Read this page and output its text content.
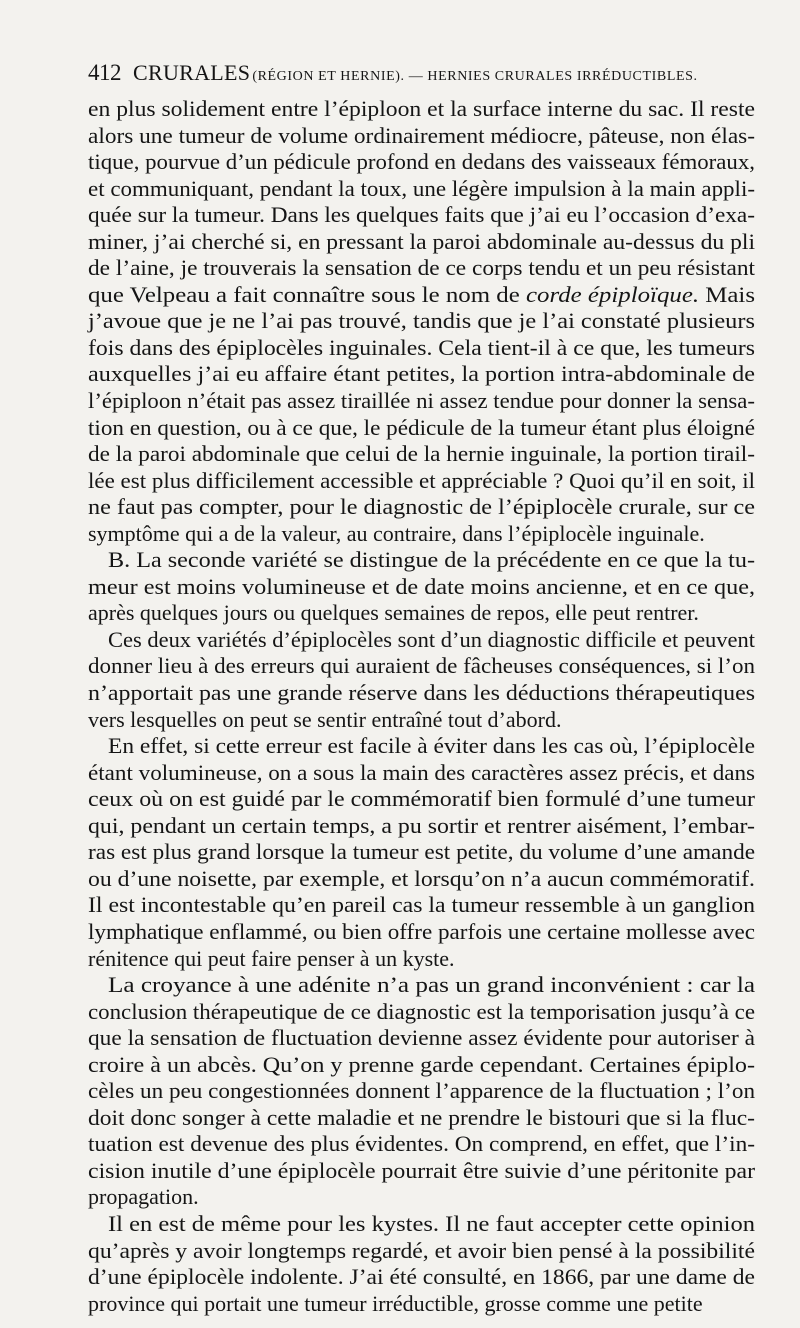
412 CRURALES (RÉGION ET HERNIE). — HERNIES CRURALES IRRÉDUCTIBLES.
en plus solidement entre l’épiploon et la surface interne du sac. Il reste
alors une tumeur de volume ordinairement médiocre, pâteuse, non élas-
tique, pourvue d’un pédicule profond en dedans des vaisseaux fémoraux,
et communiquant, pendant la toux, une légère impulsion à la main appli-
quée sur la tumeur. Dans les quelques faits que j’ai eu l’occasion d’exa-
miner, j’ai cherché si, en pressant la paroi abdominale au-dessus du pli
de l’aine, je trouverais la sensation de ce corps tendu et un peu résistant
que Velpeau a fait connaître sous le nom de corde épiploïque. Mais
j’avoue que je ne l’ai pas trouvé, tandis que je l’ai constaté plusieurs
fois dans des épiplocèles inguinales. Cela tient-il à ce que, les tumeurs
auxquelles j’ai eu affaire étant petites, la portion intra-abdominale de
l’épiploon n’était pas assez tiraillée ni assez tendue pour donner la sensa-
tion en question, ou à ce que, le pédicule de la tumeur étant plus éloigné
de la paroi abdominale que celui de la hernie inguinale, la portion tirail-
lée est plus difficilement accessible et appréciable ? Quoi qu’il en soit, il
ne faut pas compter, pour le diagnostic de l’épiplocèle crurale, sur ce
symptôme qui a de la valeur, au contraire, dans l’épiplocèle inguinale.
B. La seconde variété se distingue de la précédente en ce que la tu-
meur est moins volumineuse et de date moins ancienne, et en ce que,
après quelques jours ou quelques semaines de repos, elle peut rentrer.
Ces deux variétés d’épiplocèles sont d’un diagnostic difficile et peuvent
donner lieu à des erreurs qui auraient de fâcheuses conséquences, si l’on
n’apportait pas une grande réserve dans les déductions thérapeutiques
vers lesquelles on peut se sentir entraîné tout d’abord.
En effet, si cette erreur est facile à éviter dans les cas où, l’épiplocèle
étant volumineuse, on a sous la main des caractères assez précis, et dans
ceux où on est guidé par le commémoratif bien formulé d’une tumeur
qui, pendant un certain temps, a pu sortir et rentrer aisément, l’embar-
ras est plus grand lorsque la tumeur est petite, du volume d’une amande
ou d’une noisette, par exemple, et lorsqu’on n’a aucun commémoratif.
Il est incontestable qu’en pareil cas la tumeur ressemble à un ganglion
lymphatique enflammé, ou bien offre parfois une certaine mollesse avec
rénitence qui peut faire penser à un kyste.
La croyance à une adénite n’a pas un grand inconvénient : car la
conclusion thérapeutique de ce diagnostic est la temporisation jusqu’à ce
que la sensation de fluctuation devienne assez évidente pour autoriser à
croire à un abcès. Qu’on y prenne garde cependant. Certaines épiplo-
cèles un peu congestionnées donnent l’apparence de la fluctuation ; l’on
doit donc songer à cette maladie et ne prendre le bistouri que si la fluc-
tuation est devenue des plus évidentes. On comprend, en effet, que l’in-
cision inutile d’une épiplocèle pourrait être suivie d’une péritonite par
propagation.
Il en est de même pour les kystes. Il ne faut accepter cette opinion
qu’après y avoir longtemps regardé, et avoir bien pensé à la possibilité
d’une épiplocèle indolente. J’ai été consulté, en 1866, par une dame de
province qui portait une tumeur irréductible, grosse comme une petite
